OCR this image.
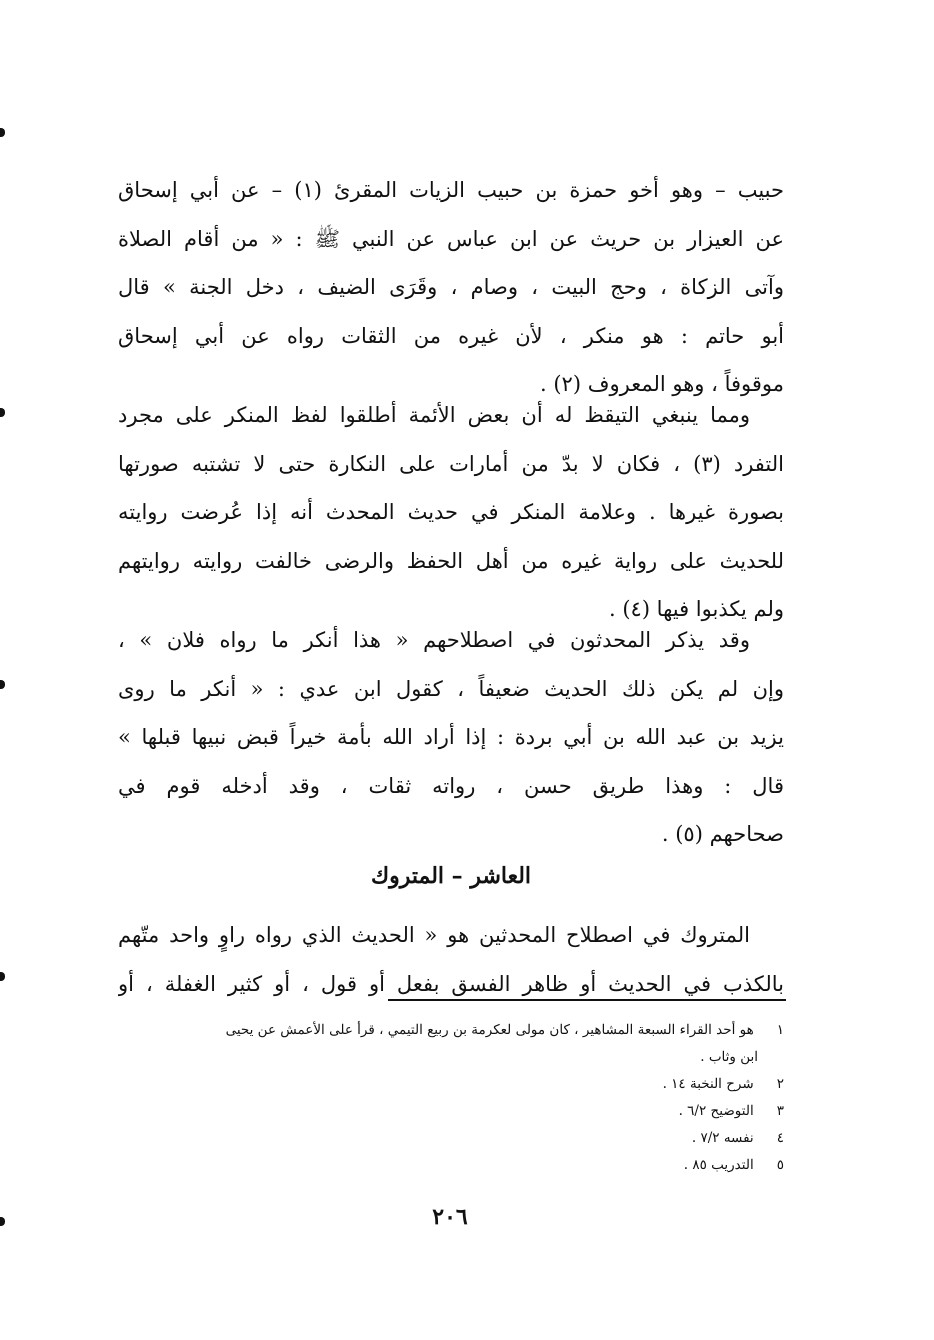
حبيب – وهو أخو حمزة بن حبيب الزيات المقرئ (١) – عن أبي إسحاق
عن العيزار بن حريث عن ابن عباس عن النبي ﷺ : « من أقام الصلاة
وآتى الزكاة ، وحج البيت ، وصام ، وقَرَى الضيف ، دخل الجنة » قال
أبو حاتم : هو منكر ، لأن غيره من الثقات رواه عن أبي إسحاق
موقوفاً ، وهو المعروف (٢) .
ومما ينبغي التيقظ له أن بعض الأئمة أطلقوا لفظ المنكر على مجرد
التفرد (٣) ، فكان لا بدّ من أمارات على النكارة حتى لا تشتبه صورتها
بصورة غيرها . وعلامة المنكر في حديث المحدث أنه إذا عُرضت روايته
للحديث على رواية غيره من أهل الحفظ والرضى خالفت روايته روايتهم
ولم يكذبوا فيها (٤) .
وقد يذكر المحدثون في اصطلاحهم « هذا أنكر ما رواه فلان » ،
وإن لم يكن ذلك الحديث ضعيفاً ، كقول ابن عدي : « أنكر ما روى
يزيد بن عبد الله بن أبي بردة : إذا أراد الله بأمة خيراً قبض نبيها قبلها »
قال : وهذا طريق حسن ، رواته ثقات ، وقد أدخله قوم في
صحاحهم (٥) .
العاشر – المتروك
المتروك في اصطلاح المحدثين هو « الحديث الذي رواه راوٍ واحد متّهم
بالكذب في الحديث أو ظاهر الفسق بفعل أو قول ، أو كثير الغفلة ، أو
١ هو أحد القراء السبعة المشاهير ، كان مولى لعكرمة بن ربيع التيمي ، قرأ على الأعمش عن يحيى
ابن وثاب .
٢ شرح النخبة ١٤ .
٣ التوضيح ٦/٢ .
٤ نفسه ٧/٢ .
٥ التدريب ٨٥ .
٢٠٦
